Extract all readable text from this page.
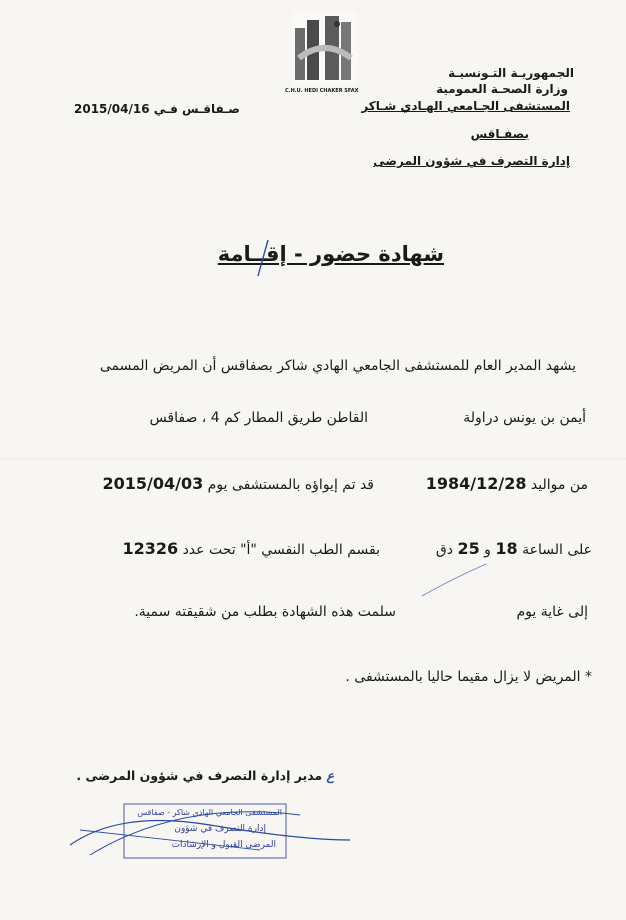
C.H.U. HEDI CHAKER SFAX
الجمهوريـة التـونسيـة
وزارة الصحـة العمومية
المستشفى الجـامعي الهـادي شـاكر
بصفـاقس
إدارة التصرف في شؤون المرضى
صـفاقـس فـي 2015/04/16
شهادة حضور - إقــامة
يشهد المدير العام للمستشفى الجامعي الهادي شاكر بصفاقس أن المريض المسمى
أيمن بن يونس دراولة
القاطن طريق المطار كم 4 ، صفاقس
من مواليد 1984/12/28
قد تم إيواؤه بالمستشفى يوم 2015/04/03
على الساعة 18 و 25 دق
بقسم الطب النفسي "أ" تحت عدد 12326
إلى غاية يوم
سلمت هذه الشهادة بطلب من شقيقته سمية.
* المريض لا يزال مقيما حاليا بالمستشفى .
ع مدير إدارة التصرف في شؤون المرضى .
المستشفى الجامعي الهادي شاكر - صفاقس
إدارة التصرف في شؤون
المرضى القبول و الإرشادات
